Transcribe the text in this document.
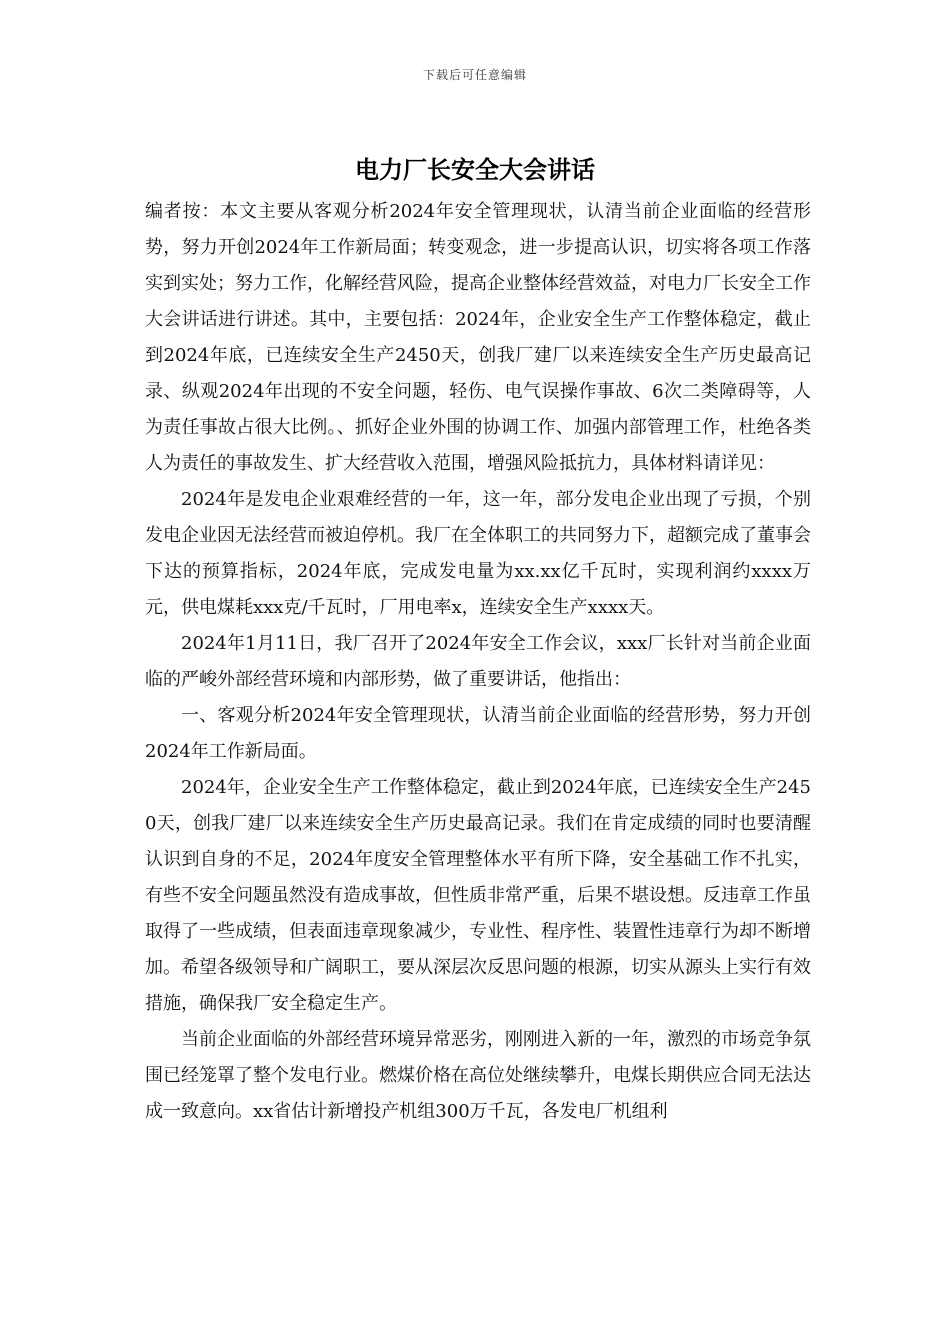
下载后可任意编辑
电力厂长安全大会讲话

编者按：本文主要从客观分析2024年安全管理现状，认清当前企业面临的经营形势，努力开创2024年工作新局面；转变观念，进一步提高认识，切实将各项工作落实到实处；努力工作，化解经营风险，提高企业整体经营效益，对电力厂长安全工作大会讲话进行讲述。其中，主要包括：2024年，企业安全生产工作整体稳定，截止到2024年底，已连续安全生产2450天，创我厂建厂以来连续安全生产历史最高记录、纵观2024年出现的不安全问题，轻伤、电气误操作事故、6次二类障碍等，人为责任事故占很大比例。、抓好企业外围的协调工作、加强内部管理工作，杜绝各类人为责任的事故发生、扩大经营收入范围，增强风险抵抗力，具体材料请详见：

2024年是发电企业艰难经营的一年，这一年，部分发电企业出现了亏损，个别发电企业因无法经营而被迫停机。我厂在全体职工的共同努力下，超额完成了董事会下达的预算指标，2024年底，完成发电量为xx.xx亿千瓦时，实现利润约xxxx万元，供电煤耗xxx克/千瓦时，厂用电率x，连续安全生产xxxx天。

2024年1月11日，我厂召开了2024年安全工作会议，xxx厂长针对当前企业面临的严峻外部经营环境和内部形势，做了重要讲话，他指出：

一、客观分析2024年安全管理现状，认清当前企业面临的经营形势，努力开创2024年工作新局面。

2024年，企业安全生产工作整体稳定，截止到2024年底，已连续安全生产2450天，创我厂建厂以来连续安全生产历史最高记录。我们在肯定成绩的同时也要清醒认识到自身的不足，2024年度安全管理整体水平有所下降，安全基础工作不扎实，有些不安全问题虽然没有造成事故，但性质非常严重，后果不堪设想。反违章工作虽取得了一些成绩，但表面违章现象减少，专业性、程序性、装置性违章行为却不断增加。希望各级领导和广阔职工，要从深层次反思问题的根源，切实从源头上实行有效措施，确保我厂安全稳定生产。

当前企业面临的外部经营环境异常恶劣，刚刚进入新的一年，激烈的市场竞争氛围已经笼罩了整个发电行业。燃煤价格在高位处继续攀升，电煤长期供应合同无法达成一致意向。xx省估计新增投产机组300万千瓦，各发电厂机组利
